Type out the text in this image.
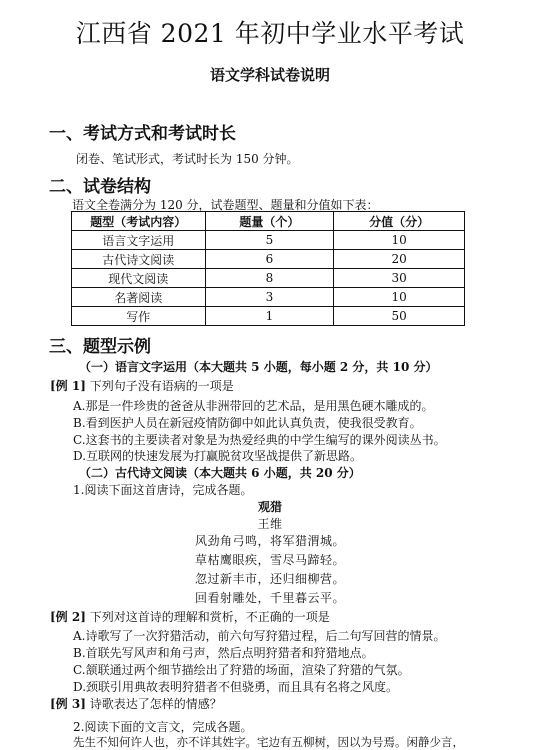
江西省 2021 年初中学业水平考试
语文学科试卷说明
一、考试方式和考试时长
闭卷、笔试形式，考试时长为 150 分钟。
二、试卷结构
语文全卷满分为 120 分，试卷题型、题量和分值如下表：
题型（考试内容）	题量（个）	分值（分）
语言文字运用	5	10
古代诗文阅读	6	20
现代文阅读	8	30
名著阅读	3	10
写作	1	50
三、题型示例
（一）语言文字运用（本大题共 5 小题，每小题 2 分，共 10 分）
[例 1] 下列句子没有语病的一项是
A.那是一件珍贵的爸爸从非洲带回的艺术品，是用黑色硬木雕成的。
B.看到医护人员在新冠疫情防御中如此认真负责，使我很受教育。
C.这套书的主要读者对象是为热爱经典的中学生编写的课外阅读丛书。
D.互联网的快速发展为打赢脱贫攻坚战提供了新思路。
（二）古代诗文阅读（本大题共 6 小题，共 20 分）
1.阅读下面这首唐诗，完成各题。
观猎
王维
风劲角弓鸣，将军猎渭城。
草枯鹰眼疾，雪尽马蹄轻。
忽过新丰市，还归细柳营。
回看射雕处，千里暮云平。
[例 2] 下列对这首诗的理解和赏析，不正确的一项是
A.诗歌写了一次狩猎活动，前六句写狩猎过程，后二句写回营的情景。
B.首联先写风声和角弓声，然后点明狩猎者和狩猎地点。
C.颔联通过两个细节描绘出了狩猎的场面，渲染了狩猎的气氛。
D.颈联引用典故表明狩猎者不但骁勇，而且具有名将之风度。
[例 3] 诗歌表达了怎样的情感？
2.阅读下面的文言文，完成各题。
先生不知何许人也，亦不详其姓字。宅边有五柳树，因以为号焉。闲静少言，
